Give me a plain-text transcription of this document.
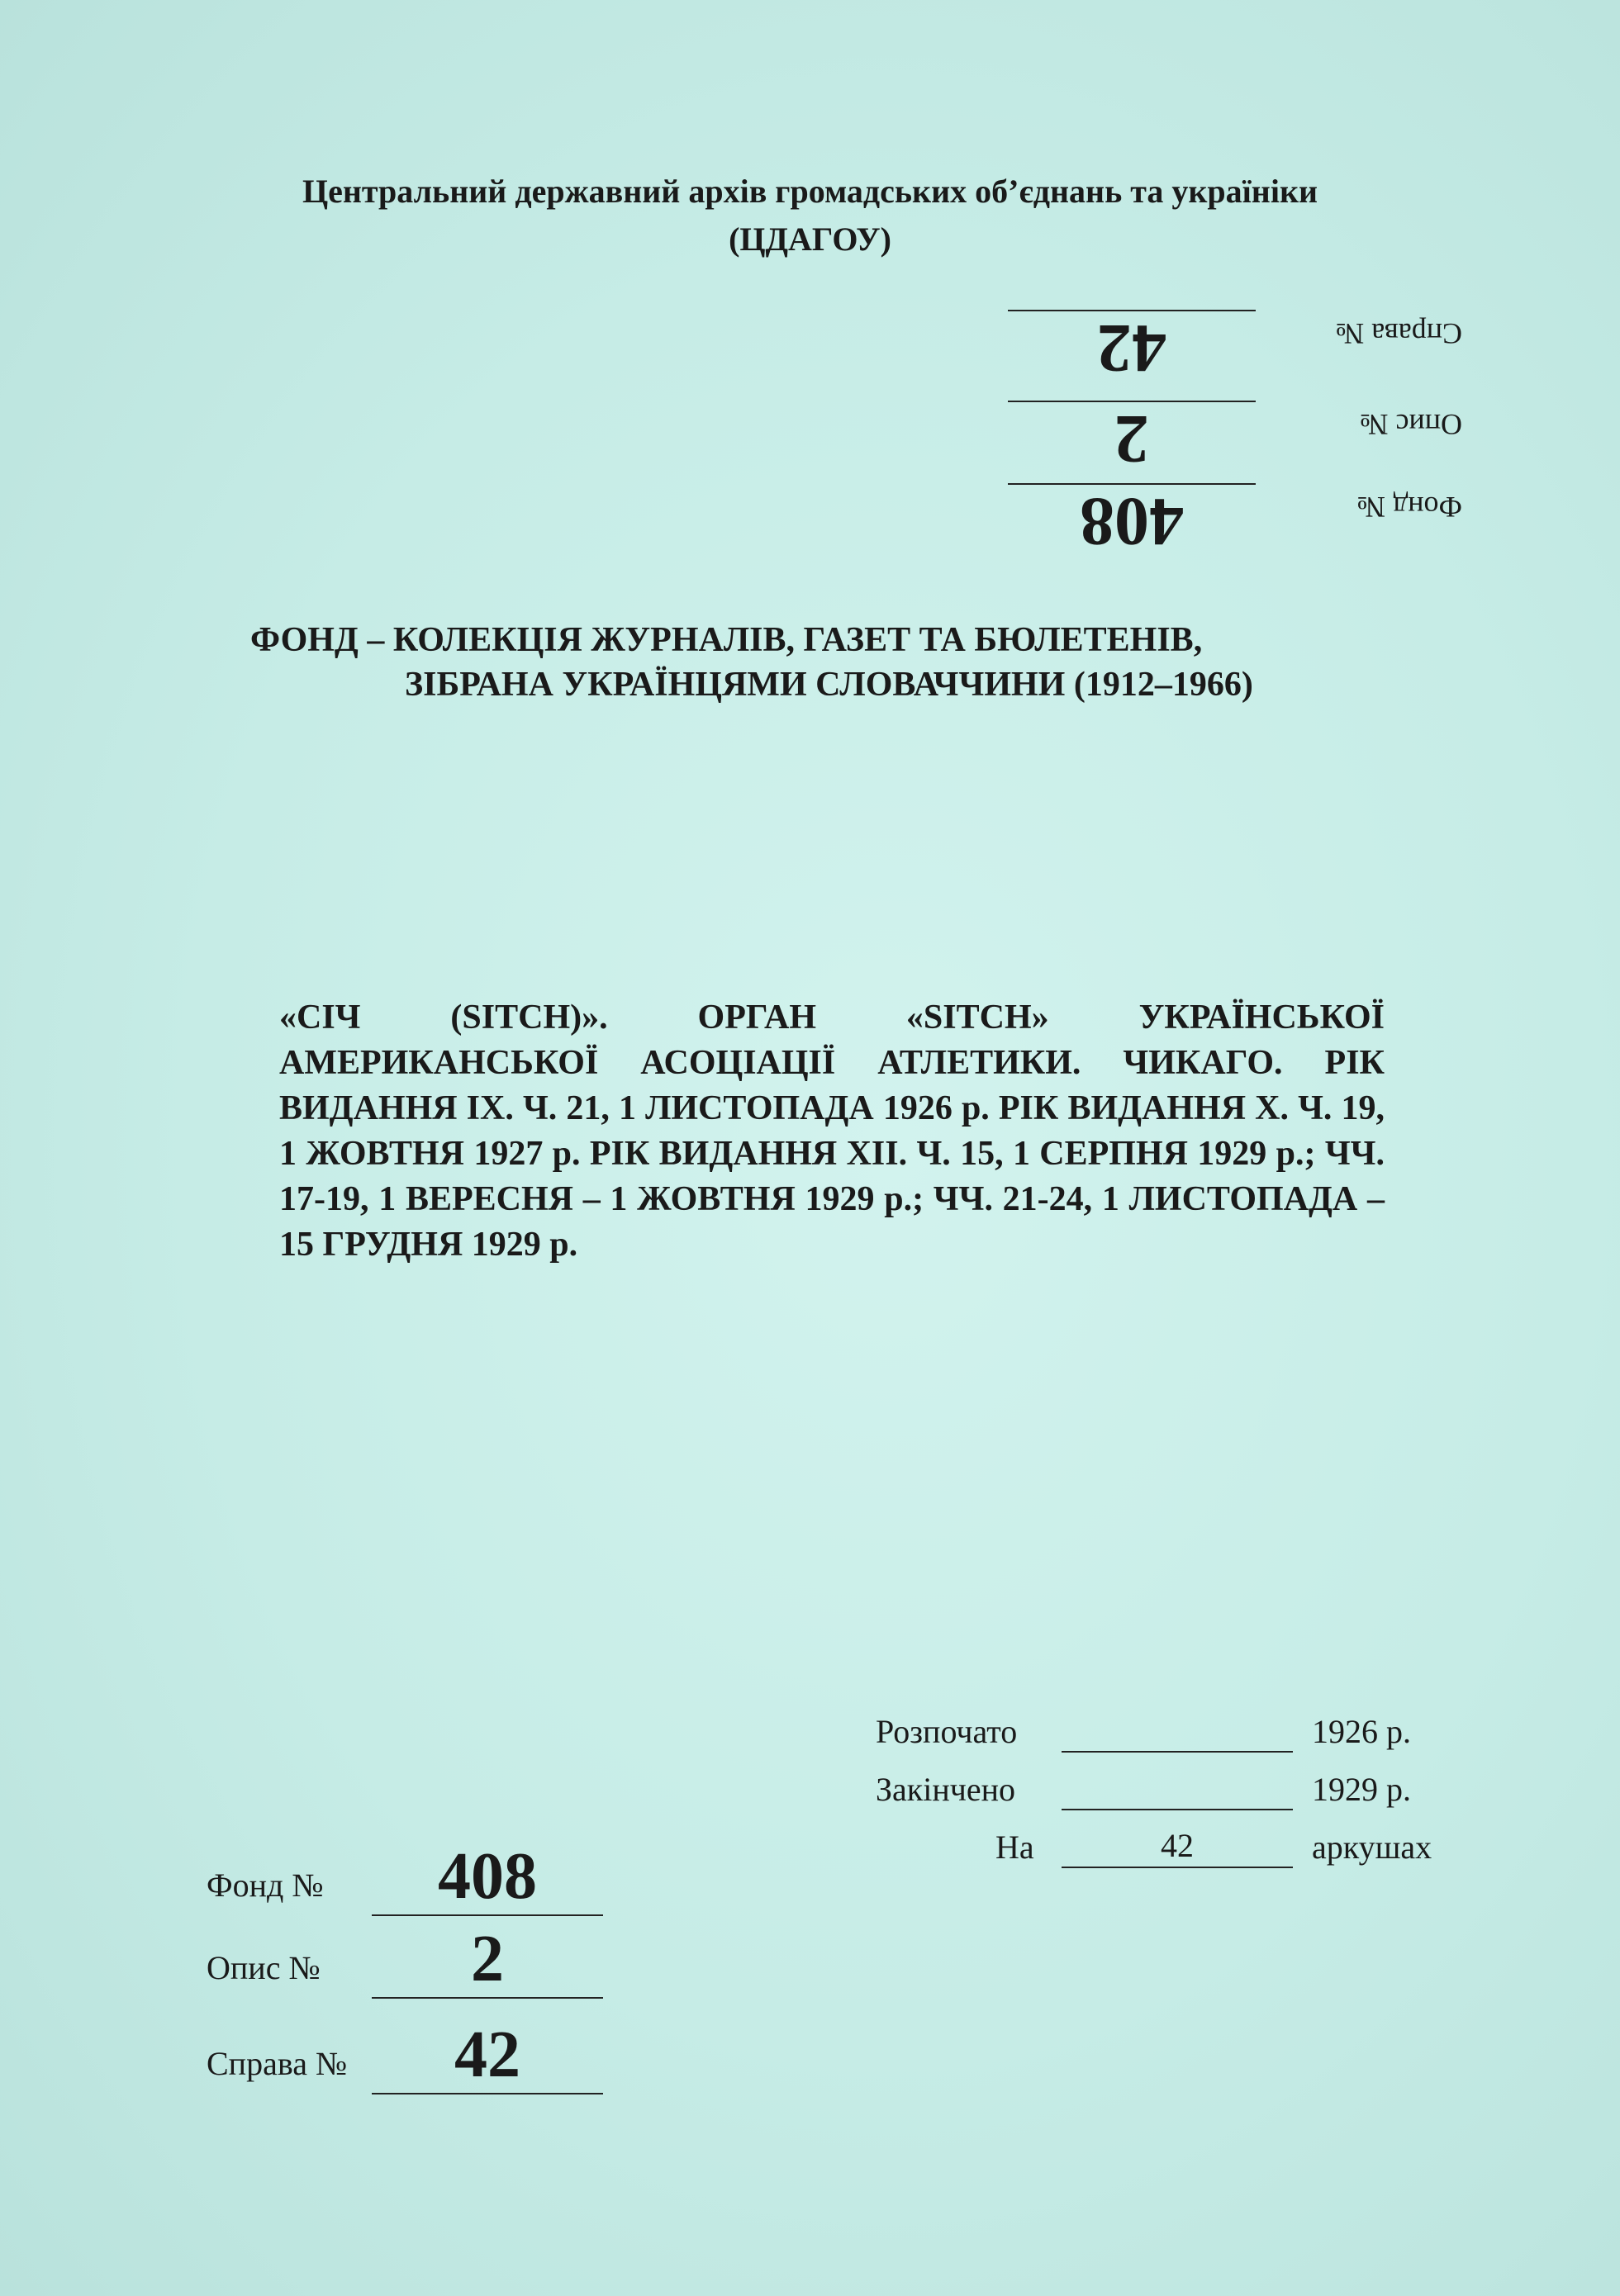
Центральний державний архів громадських об’єднань та україніки
(ЦДАГОУ)
Фонд №
408
Опис №
2
Справа №
42
ФОНД – КОЛЕКЦІЯ ЖУРНАЛІВ, ГАЗЕТ ТА БЮЛЕТЕНІВ,
ЗІБРАНА УКРАЇНЦЯМИ СЛОВАЧЧИНИ (1912–1966)
«СІЧ (SITCH)». ОРГАН «SITCH» УКРАЇНСЬКОЇ АМЕРИКАНСЬКОЇ АСОЦІАЦІЇ АТЛЕТИКИ. ЧИКАГО. РІК ВИДАННЯ ІХ. Ч. 21, 1 ЛИСТОПАДА 1926 р. РІК ВИДАННЯ Х. Ч. 19, 1 ЖОВТНЯ 1927 р. РІК ВИДАННЯ ХІІ. Ч. 15, 1 СЕРПНЯ 1929 р.; ЧЧ. 17-19, 1 ВЕРЕСНЯ – 1 ЖОВТНЯ 1929 р.; ЧЧ. 21-24, 1 ЛИСТОПАДА – 15 ГРУДНЯ 1929 р.
Розпочато	1926 р.
Закінчено	1929 р.
На	42	аркушах
Фонд №	408
Опис №	2
Справа №	42
